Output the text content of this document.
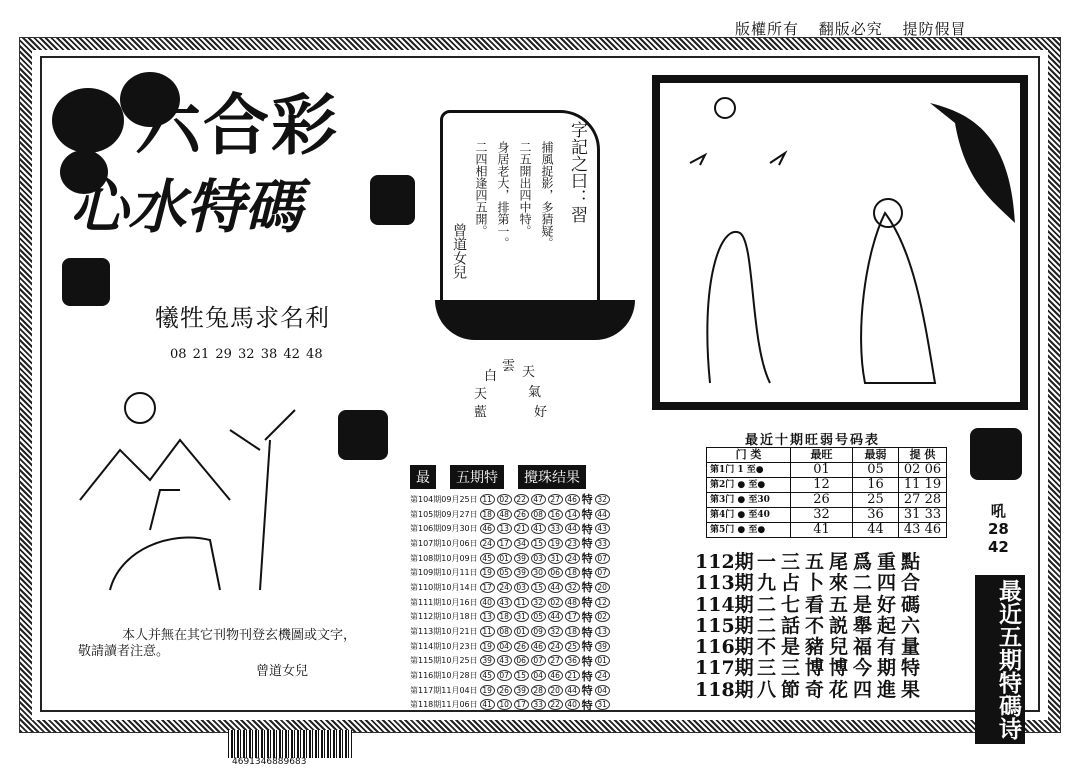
版權所有 翻版必究 提防假冒
六合彩
心水特碼	字記之曰：習
捕風捉影，多猜疑。
二五開出四中特。
身居老大，排第一。
二四相逢四五開。
曾道女兒
白
雲 天
天	氣
藍	好
犧牲兔馬求名利
08 21 29 32 38 42 48
最	五期特	攪珠结果
第104期09月25日 11 02 22 47 27 46 特 32
第105期09月27日 18 48 26 08 16 14 特 44
第106期09月30日 46 13 21 41 33 44 特 43
第107期10月06日 24 17 34 15 19 23 特 33
第108期10月09日 45 01 39 03 31 24 特 07
第109期10月11日 19 05 39 30 06 18 特 07
第110期10月14日 17 24 03 15 44 32 特 20
第111期10月16日 40 43 11 32 02 48 特 12
第112期10月18日 13 18 31 05 44 17 特 02
第113期10月21日 11 08 01 09 32 18 特 13
第114期10月23日 19 04 26 46 24 25 特 39
第115期10月25日 39 43 06 07 27 36 特 01
第116期10月28日 45 07 15 04 46 21 特 24
第117期11月04日 19 26 39 28 20 44 特 04
第118期11月06日 41 10 17 33 22 40 特 31
最近十期旺弱号码表
门 类	最旺	最弱	提 供
第1门 1 至●	01	05	02 06
第2门 ● 至●	12	16	11 19
第3门 ● 至30	26	25	27 28
第4门 ● 至40	32	36	31 33
第5门 ● 至●	41	44	43 46
吼
28
42
最近五期特碼诗
112期 一三五尾爲重點
113期 九占卜來二四合
114期 二七看五是好碼
115期 二話不説舉起六
116期 不是豬兒福有量
117期 三三博博今期特
118期 八節奇花四進果
本人并無在其它刊物刊登玄機圖或文字，
敬請讀者注意。
曾道女兒
4691346889683
